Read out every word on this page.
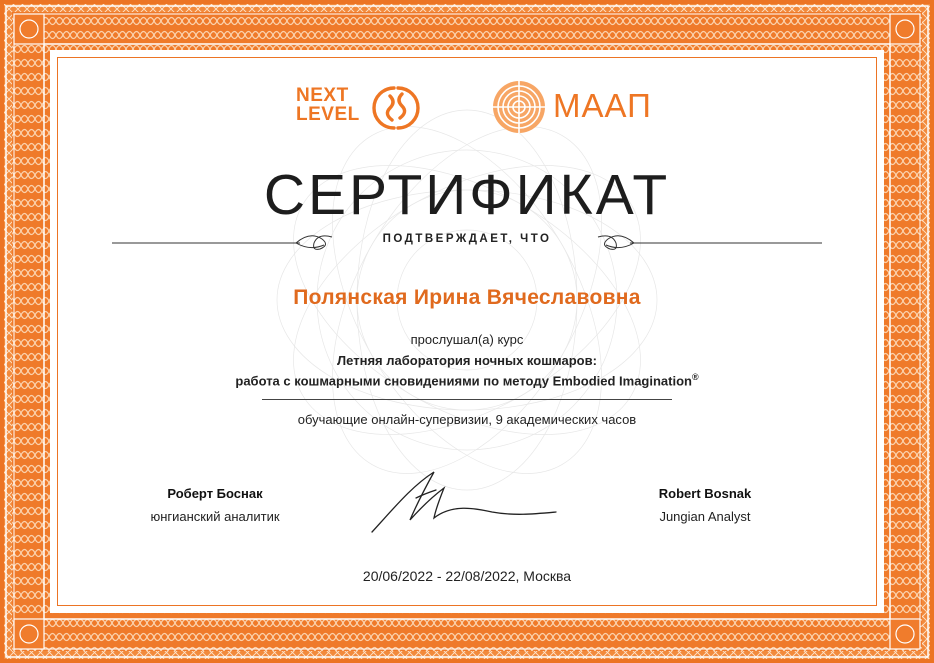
NEXT
LEVEL	МААП
СЕРТИФИКАТ
ПОДТВЕРЖДАЕТ, ЧТО
Полянская Ирина Вячеславовна
прослушал(а) курс
Летняя лаборатория ночных кошмаров:
работа с кошмарными сновидениями по методу Embodied Imagination®
обучающие онлайн-супервизии, 9 академических часов
Роберт Боснак
юнгианский аналитик
Robert Bosnak
Jungian Analyst
20/06/2022 - 22/08/2022, Москва
